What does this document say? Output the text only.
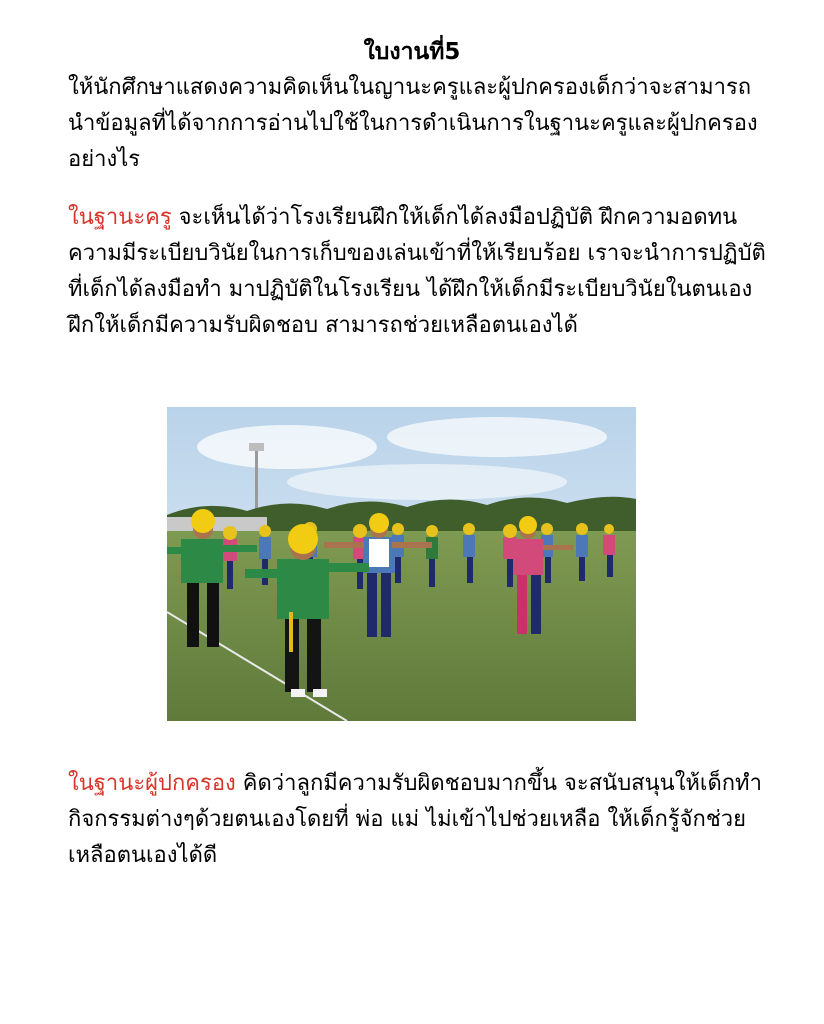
ใบงานที่5

ให้นักศึกษาแสดงความคิดเห็นในญานะครูและผู้ปกครองเด็กว่าจะสามารถนำข้อมูลที่ได้จากการอ่านไปใช้ในการดำเนินการในฐานะครูและผู้ปกครองอย่างไร

ในฐานะครู จะเห็นได้ว่าโรงเรียนฝึกให้เด็กได้ลงมือปฏิบัติ ฝึกความอดทน ความมีระเบียบวินัยในการเก็บของเล่นเข้าที่ให้เรียบร้อย เราจะนำการปฏิบัติที่เด็กได้ลงมือทำ มาปฏิบัติในโรงเรียน ได้ฝึกให้เด็กมีระเบียบวินัยในตนเอง ฝึกให้เด็กมีความรับผิดชอบ สามารถช่วยเหลือตนเองได้

ในฐานะผู้ปกครอง คิดว่าลูกมีความรับผิดชอบมากขึ้น จะสนับสนุนให้เด็กทำกิจกรรมต่างๆด้วยตนเองโดยที่ พ่อ แม่ ไม่เข้าไปช่วยเหลือ ให้เด็กรู้จักช่วยเหลือตนเองได้ดี
